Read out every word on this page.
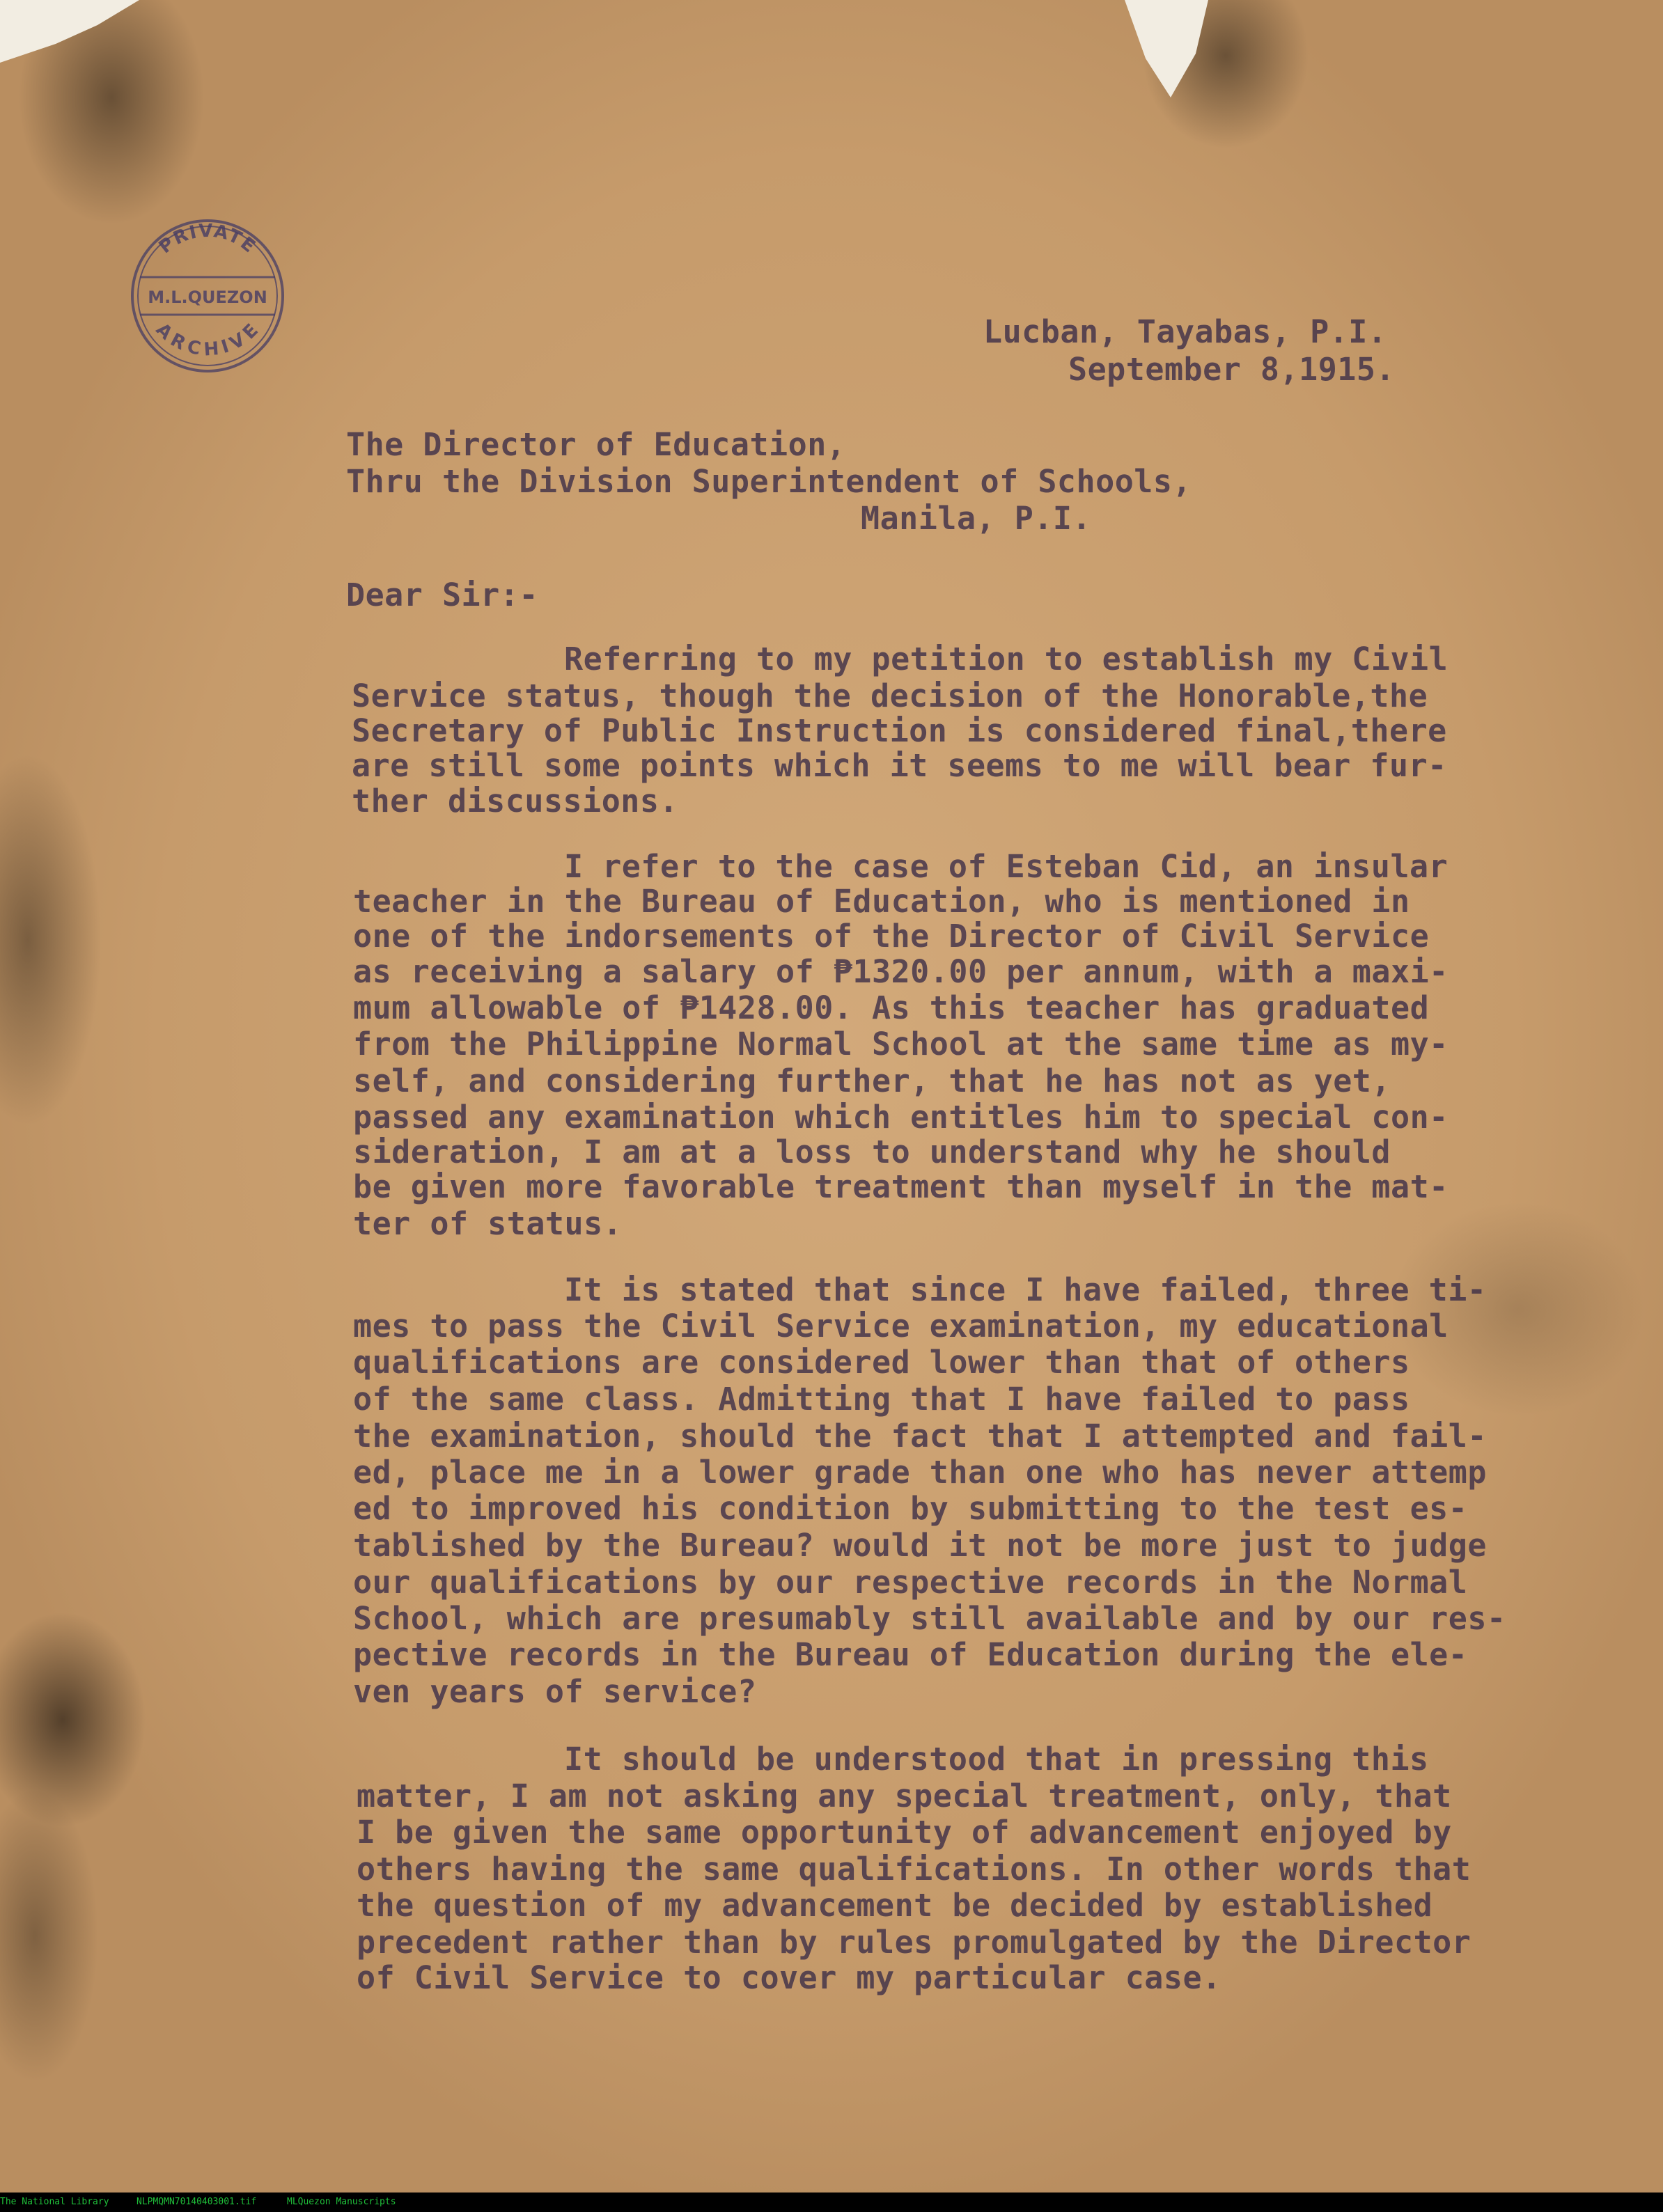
PRIVATE
M.L.QUEZON
ARCHIVE	Lucban, Tayabas, P.I.
September 8,1915.
The Director of Education,
Thru the Division Superintendent of Schools,
Manila, P.I.
Dear Sir:-
Referring to my petition to establish my Civil
Service status, though the decision of the Honorable,the
Secretary of Public Instruction is considered final,there
are still some points which it seems to me will bear fur-
ther discussions.
I refer to the case of Esteban Cid, an insular
teacher in the Bureau of Education, who is mentioned in
one of the indorsements of the Director of Civil Service
as receiving a salary of ₱1320.00 per annum, with a maxi-
mum allowable of ₱1428.00. As this teacher has graduated
from the Philippine Normal School at the same time as my-
self, and considering further, that he has not as yet,
passed any examination which entitles him to special con-
sideration, I am at a loss to understand why he should
be given more favorable treatment than myself in the mat-
ter of status.
It is stated that since I have failed, three ti-
mes to pass the Civil Service examination, my educational
qualifications are considered lower than that of others
of the same class. Admitting that I have failed to pass
the examination, should the fact that I attempted and fail-
ed, place me in a lower grade than one who has never attemp
ed to improved his condition by submitting to the test es-
tablished by the Bureau? would it not be more just to judge
our qualifications by our respective records in the Normal
School, which are presumably still available and by our res-
pective records in the Bureau of Education during the ele-
ven years of service?
It should be understood that in pressing this
matter, I am not asking any special treatment, only, that
I be given the same opportunity of advancement enjoyed by
others having the same qualifications. In other words that
the question of my advancement be decided by established
precedent rather than by rules promulgated by the Director
of Civil Service to cover my particular case.
The National Library	NLPMQMN70140403001.tif	MLQuezon Manuscripts
